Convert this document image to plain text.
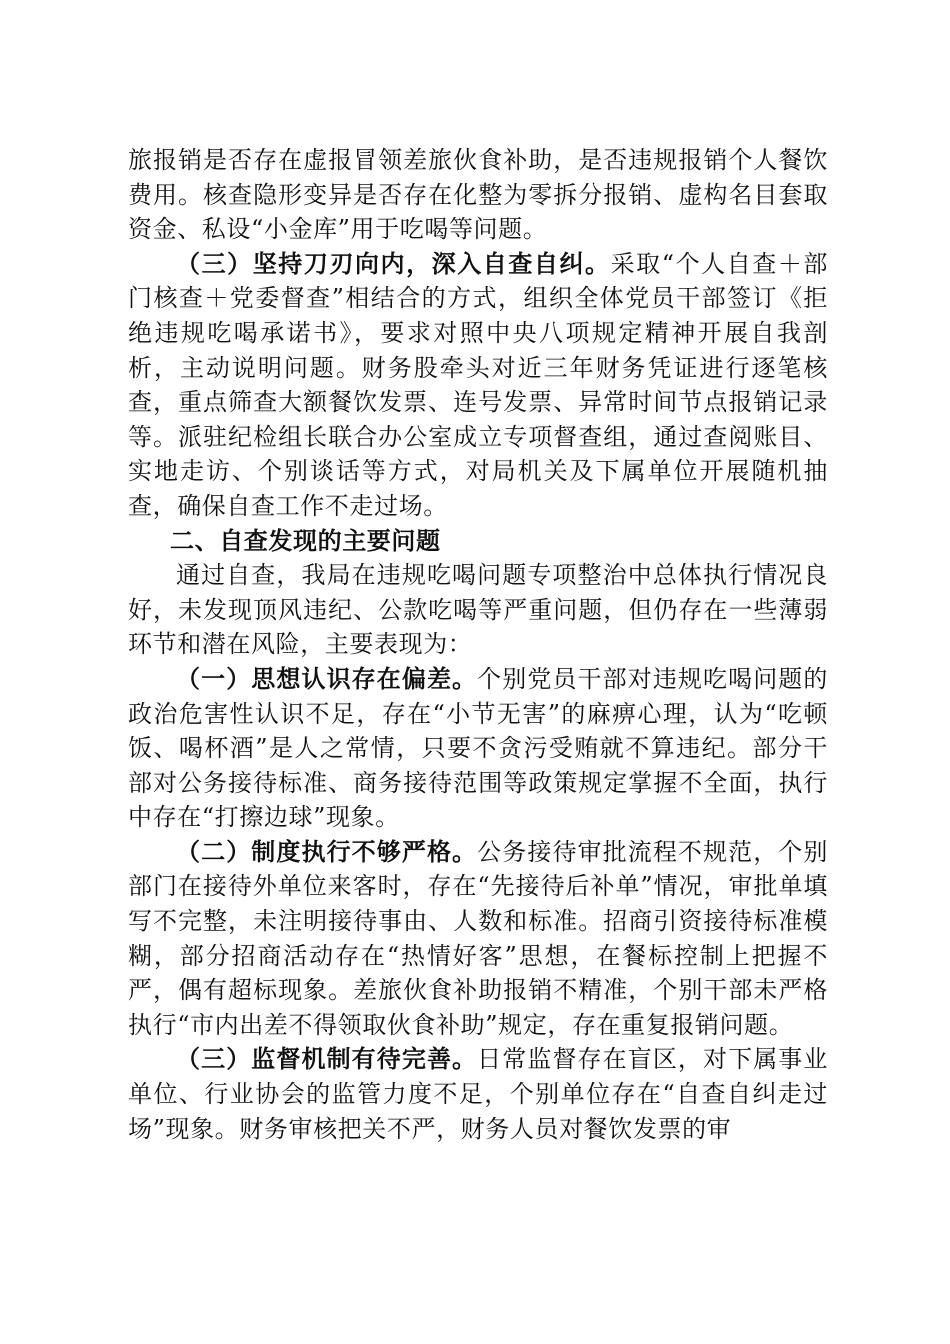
旅报销是否存在虚报冒领差旅伙食补助，是否违规报销个人餐饮费用。核查隐形变异是否存在化整为零拆分报销、虚构名目套取资金、私设“小金库”用于吃喝等问题。

（三）坚持刀刃向内，深入自查自纠。采取“个人自查＋部门核查＋党委督查”相结合的方式，组织全体党员干部签订《拒绝违规吃喝承诺书》，要求对照中央八项规定精神开展自我剖析，主动说明问题。财务股牵头对近三年财务凭证进行逐笔核查，重点筛查大额餐饮发票、连号发票、异常时间节点报销记录等。派驻纪检组长联合办公室成立专项督查组，通过查阅账目、实地走访、个别谈话等方式，对局机关及下属单位开展随机抽查，确保自查工作不走过场。

二、自查发现的主要问题

通过自查，我局在违规吃喝问题专项整治中总体执行情况良好，未发现顶风违纪、公款吃喝等严重问题，但仍存在一些薄弱环节和潜在风险，主要表现为：

（一）思想认识存在偏差。个别党员干部对违规吃喝问题的政治危害性认识不足，存在“小节无害”的麻痹心理，认为“吃顿饭、喝杯酒”是人之常情，只要不贪污受贿就不算违纪。部分干部对公务接待标准、商务接待范围等政策规定掌握不全面，执行中存在“打擦边球”现象。

（二）制度执行不够严格。公务接待审批流程不规范，个别部门在接待外单位来客时，存在“先接待后补单”情况，审批单填写不完整，未注明接待事由、人数和标准。招商引资接待标准模糊，部分招商活动存在“热情好客”思想，在餐标控制上把握不严，偶有超标现象。差旅伙食补助报销不精准，个别干部未严格执行“市内出差不得领取伙食补助”规定，存在重复报销问题。

（三）监督机制有待完善。日常监督存在盲区，对下属事业单位、行业协会的监管力度不足，个别单位存在“自查自纠走过场”现象。财务审核把关不严，财务人员对餐饮发票的审
